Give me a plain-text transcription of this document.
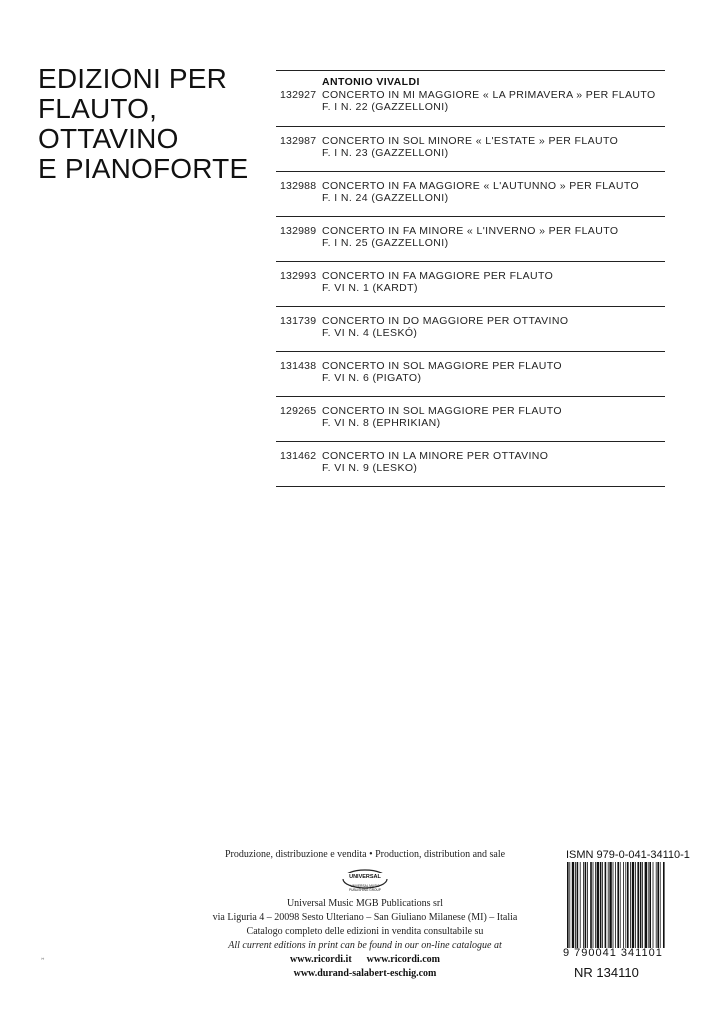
EDIZIONI PER
FLAUTO,
OTTAVINO
E PIANOFORTE
ANTONIO VIVALDI
132927 CONCERTO IN MI MAGGIORE « LA PRIMAVERA » PER FLAUTO
F. I N. 22 (GAZZELLONI)
132987 CONCERTO IN SOL MINORE « L'ESTATE » PER FLAUTO
F. I N. 23 (GAZZELLONI)
132988 CONCERTO IN FA MAGGIORE « L'AUTUNNO » PER FLAUTO
F. I N. 24 (GAZZELLONI)
132989 CONCERTO IN FA MINORE « L'INVERNO » PER FLAUTO
F. I N. 25 (GAZZELLONI)
132993 CONCERTO IN FA MAGGIORE PER FLAUTO
F. VI N. 1 (KARDT)
131739 CONCERTO IN DO MAGGIORE PER OTTAVINO
F. VI N. 4 (LESKÓ)
131438 CONCERTO IN SOL MAGGIORE PER FLAUTO
F. VI N. 6 (PIGATO)
129265 CONCERTO IN SOL MAGGIORE PER FLAUTO
F. VI N. 8 (EPHRIKIAN)
131462 CONCERTO IN LA MINORE PER OTTAVINO
F. VI N. 9 (LESKO)
Produzione, distribuzione e vendita • Production, distribution and sale
UNIVERSAL
UNIVERSAL MUSIC
PUBLISHING GROUP
Universal Music MGB Publications srl
via Liguria 4 – 20098 Sesto Ulteriano – San Giuliano Milanese (MI) – Italia
Catalogo completo delle edizioni in vendita consultabile su
All current editions in print can be found in our on-line catalogue at
www.ricordi.it www.ricordi.com
www.durand-salabert-eschig.com
ISMN 979-0-041-34110-1
9 790041 341101
NR 134110
ꟸ
